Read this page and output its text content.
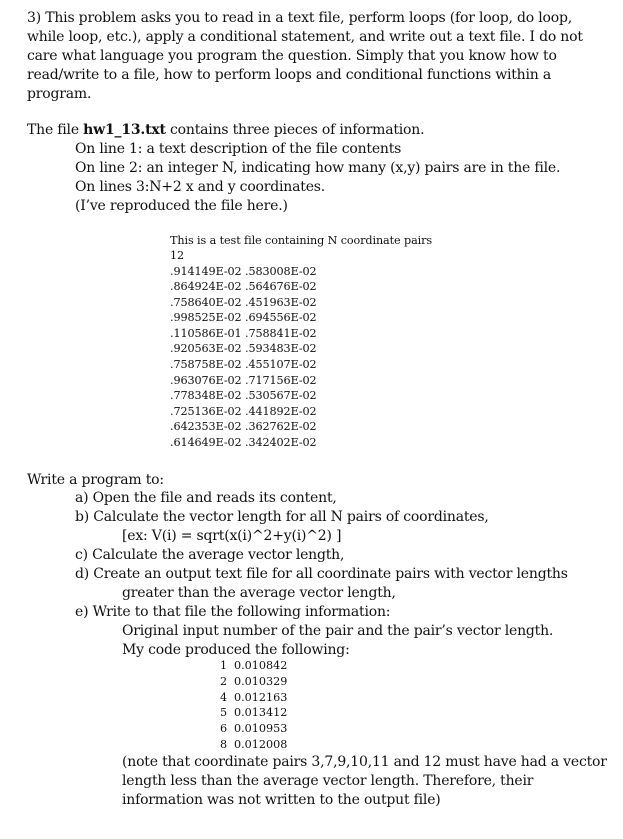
3) This problem asks you to read in a text file, perform loops (for loop, do loop,
while loop, etc.), apply a conditional statement, and write out a text file. I do not
care what language you program the question. Simply that you know how to
read/write to a file, how to perform loops and conditional functions within a
program.
The file hw1_13.txt contains three pieces of information.
On line 1: a text description of the file contents
On line 2: an integer N, indicating how many (x,y) pairs are in the file.
On lines 3:N+2 x and y coordinates.
(I’ve reproduced the file here.)
This is a test file containing N coordinate pairs
12
.914149E-02 .583008E-02
.864924E-02 .564676E-02
.758640E-02 .451963E-02
.998525E-02 .694556E-02
.110586E-01 .758841E-02
.920563E-02 .593483E-02
.758758E-02 .455107E-02
.963076E-02 .717156E-02
.778348E-02 .530567E-02
.725136E-02 .441892E-02
.642353E-02 .362762E-02
.614649E-02 .342402E-02
Write a program to:
a) Open the file and reads its content,
b) Calculate the vector length for all N pairs of coordinates,
[ex: V(i) = sqrt(x(i)^2+y(i)^2) ]
c) Calculate the average vector length,
d) Create an output text file for all coordinate pairs with vector lengths
greater than the average vector length,
e) Write to that file the following information:
Original input number of the pair and the pair’s vector length.
My code produced the following:
1 0.010842
2 0.010329
4 0.012163
5 0.013412
6 0.010953
8 0.012008
(note that coordinate pairs 3,7,9,10,11 and 12 must have had a vector
length less than the average vector length. Therefore, their
information was not written to the output file)
